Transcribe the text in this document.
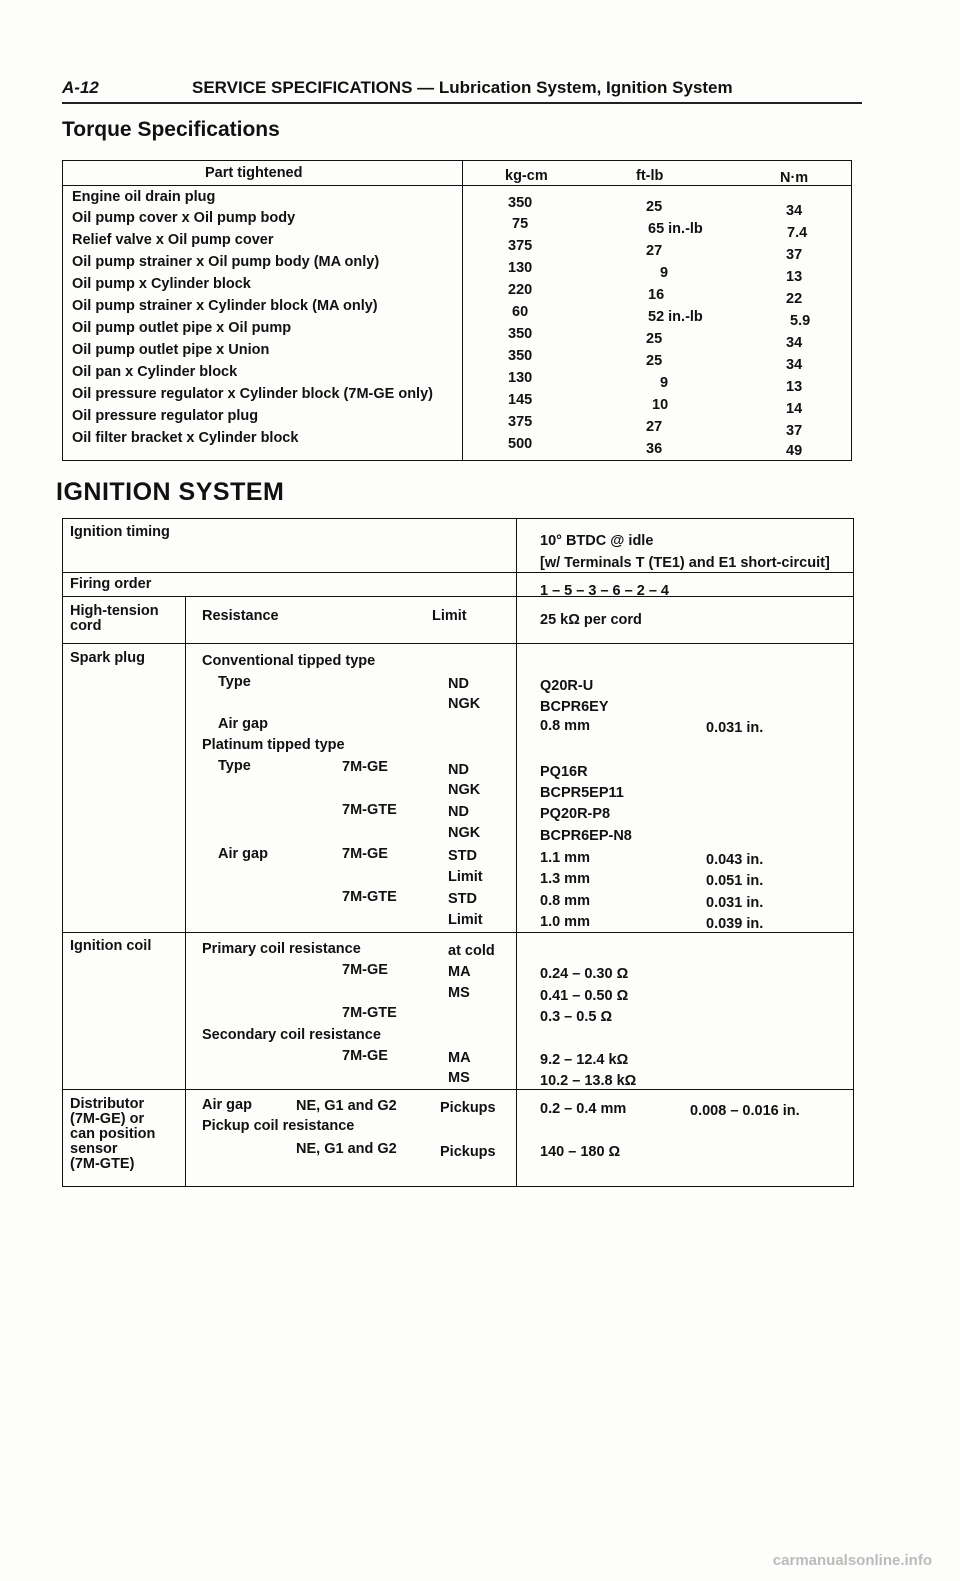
A-12	SERVICE SPECIFICATIONS — Lubrication System, Ignition System
Torque Specifications
Part tightened	kg-cm	ft-lb	N·m
Engine oil drain plug	350	25	34
Oil pump cover x Oil pump body	75	65 in.-lb	7.4
Relief valve x Oil pump cover	375	27	37
Oil pump strainer x Oil pump body (MA only)	130	9	13
Oil pump x Cylinder block	220	16	22
Oil pump strainer x Cylinder block (MA only)	60	52 in.-lb	5.9
Oil pump outlet pipe x Oil pump	350	25	34
Oil pump outlet pipe x Union	350	25	34
Oil pan x Cylinder block	130	9	13
Oil pressure regulator x Cylinder block (7M-GE only)	145	10	14
Oil pressure regulator plug	375	27	37
Oil filter bracket x Cylinder block	500	36	49
IGNITION SYSTEM
Ignition timing
10° BTDC @ idle
[w/ Terminals T (TE1) and E1 short-circuit]
Firing order	1 – 5 – 3 – 6 – 2 – 4
High-tension
cord
Resistance	Limit	25 kΩ per cord
Spark plug	Conventional tipped type
Type	ND	Q20R-U
NGK	BCPR6EY
Air gap	0.8 mm	0.031 in.
Platinum tipped type
Type	7M-GE	ND	PQ16R
NGK	BCPR5EP11
7M-GTE	ND	PQ20R-P8
NGK	BCPR6EP-N8
Air gap	7M-GE	STD	1.1 mm	0.043 in.
Limit	1.3 mm	0.051 in.
7M-GTE	STD	0.8 mm	0.031 in.
Limit	1.0 mm	0.039 in.
Ignition coil	Primary coil resistance	at cold
7M-GE	MA	0.24 – 0.30 Ω
MS	0.41 – 0.50 Ω
7M-GTE	0.3 – 0.5 Ω
Secondary coil resistance
7M-GE	MA	9.2 – 12.4 kΩ
MS	10.2 – 13.8 kΩ
Distributor
(7M-GE) or
can position
sensor
(7M-GTE)
Air gap	NE, G1 and G2	Pickups	0.2 – 0.4 mm	0.008 – 0.016 in.
Pickup coil resistance
NE, G1 and G2	Pickups	140 – 180 Ω
carmanualsonline.info
